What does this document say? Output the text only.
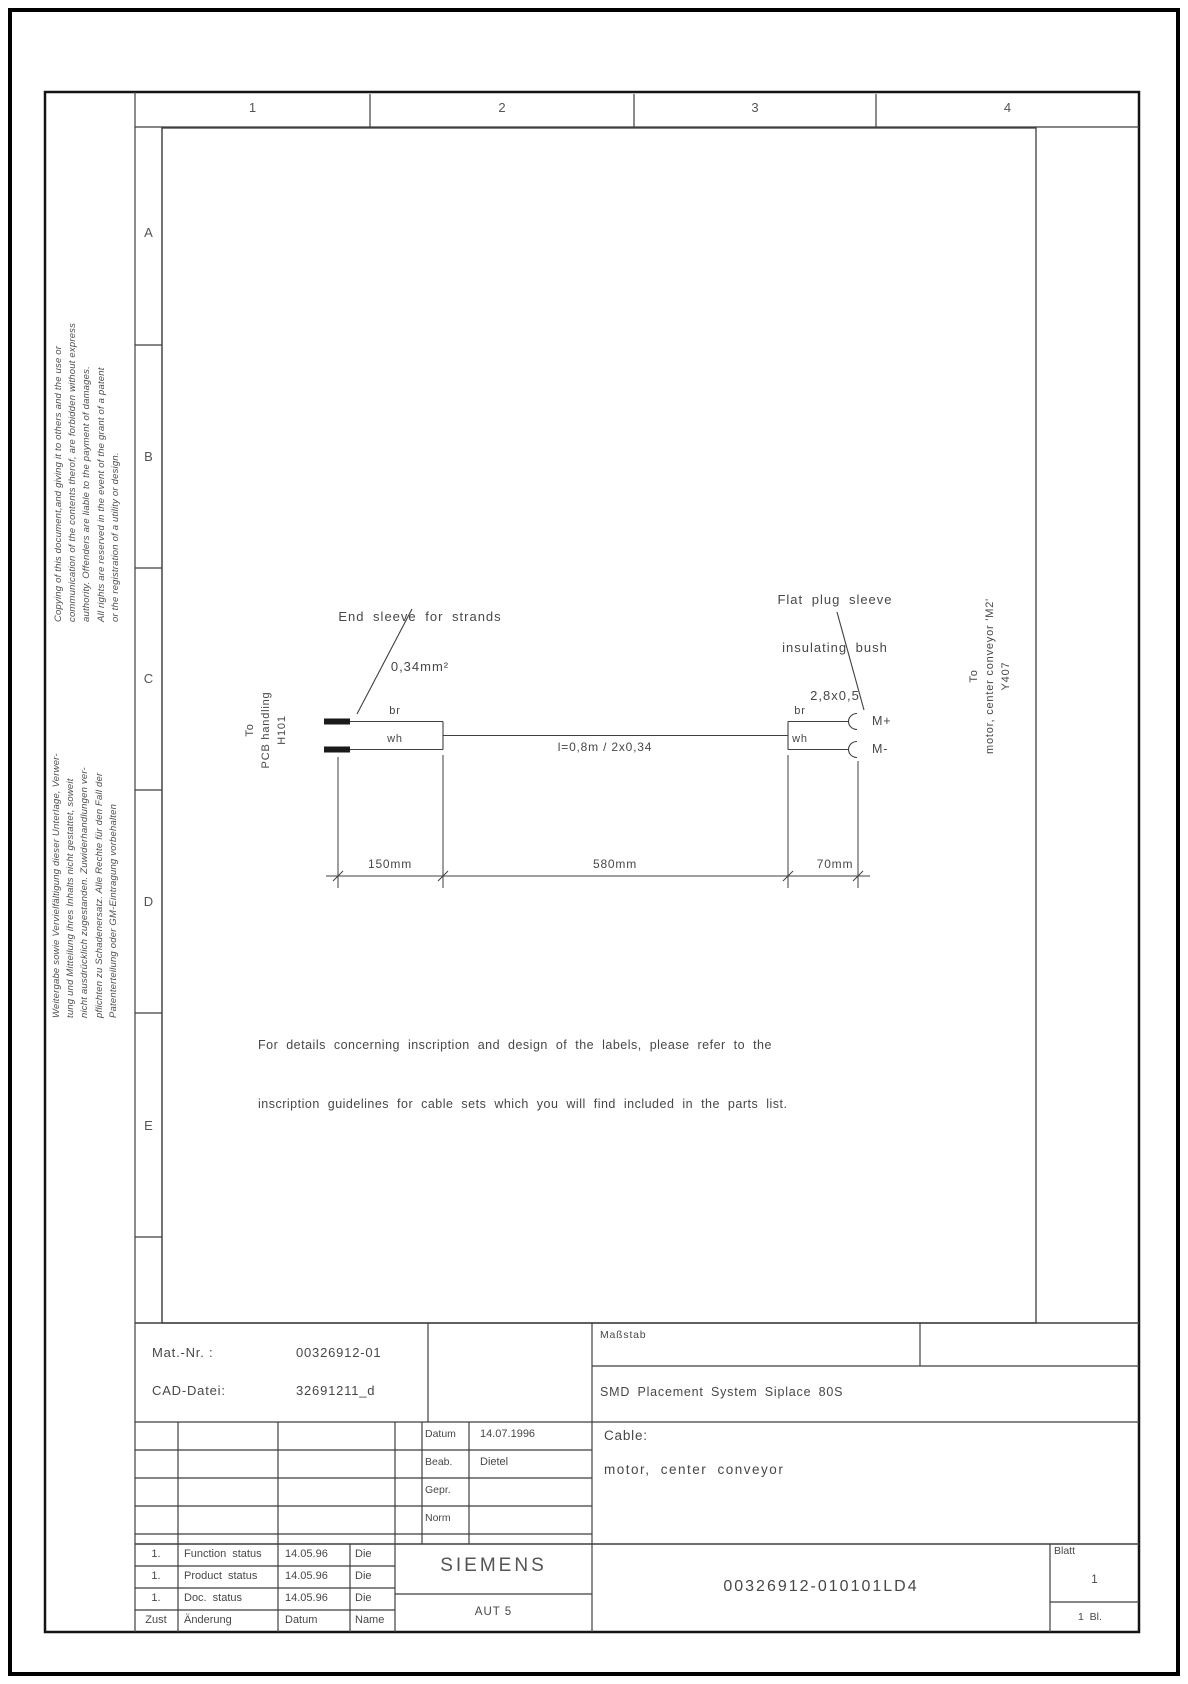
1	2	3	4
A
B
C
D
E
Copying of this document,and giving it to others and the use or communication of the contents therof, are forbidden without express authority. Offenders are liable to the payment of damages. All rights are reserved in the event of the grant of a patent or the registration of a utility or design.
Weitergabe sowie Vervielfältigung dieser Unterlage, Verwer- tung und Mitteilung ihres Inhalts nicht gestattet, soweit nicht ausdrücklich zugestanden. Zuwiderhandlungen ver- pflichten zu Schadenersatz. Alle Rechte für den Fall der Patenterteilung oder GM-Eintragung vorbehalten

End sleeve for strands

0,34mm²

Flat plug sleeve

insulating bush

2,8x0,5

To PCB handling H101
To motor, center conveyor 'M2' Y407
br
wh
br
wh
M+
M-
l=0,8m / 2x0,34
150mm	580mm	70mm

For details concerning inscription and design of the labels, please refer to the

inscription guidelines for cable sets which you will find included in the parts list.

Mat.-Nr. :	00326912-01
CAD-Datei:	32691211_d
Maßstab
SMD Placement System Siplace 80S
Cable:
motor, center conveyor
Datum 14.07.1996
Beab.	Dietel
Gepr.
Norm
1.	Function status 14.05.96 Die
1.	Product status	14.05.96 Die
1.	Doc. status	14.05.96 Die
Zust	Änderung	Datum	Name
SIEMENS
AUT 5
00326912-010101LD4
Blatt
1
1  Bl.
